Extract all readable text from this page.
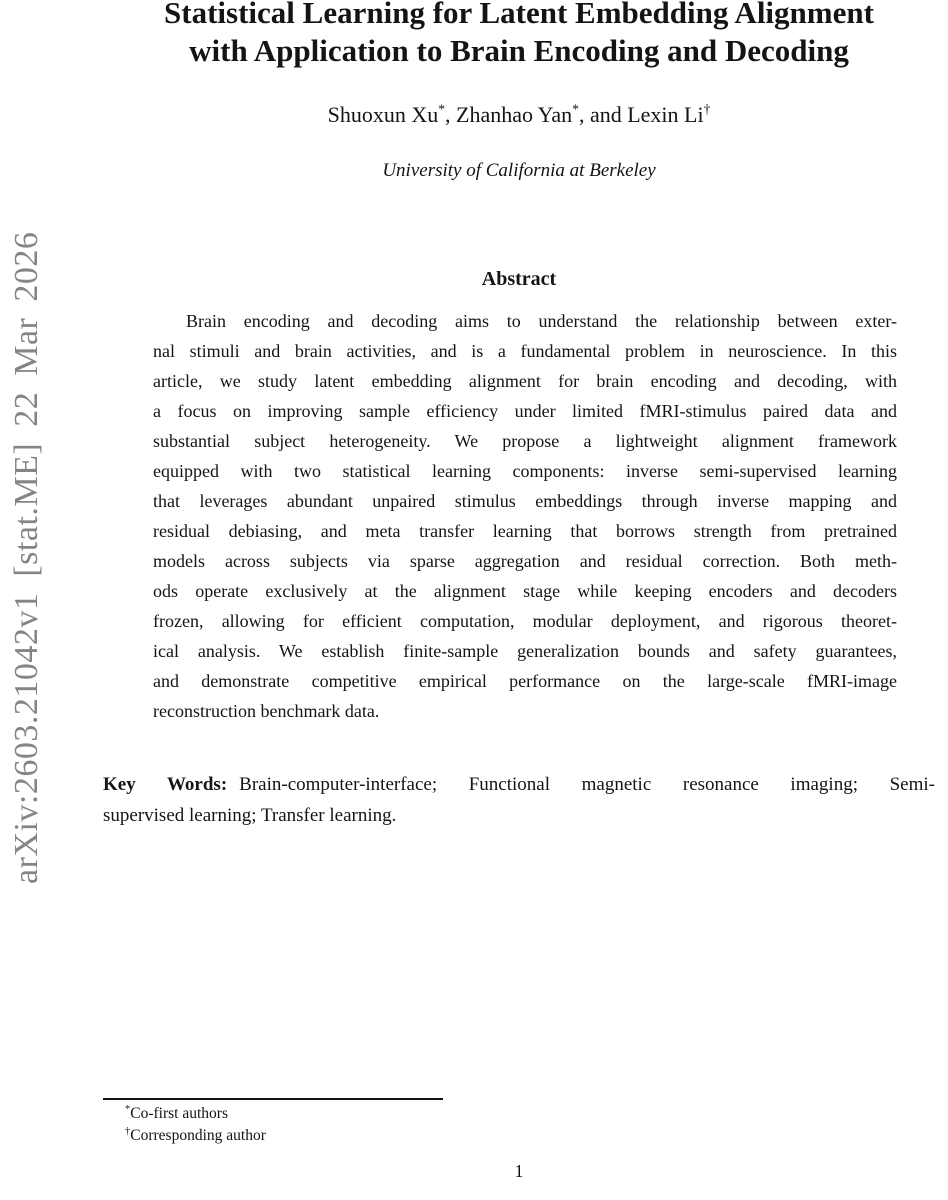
arXiv:2603.21042v1 [stat.ME] 22 Mar 2026
Statistical Learning for Latent Embedding Alignment
with Application to Brain Encoding and Decoding
Shuoxun Xu*, Zhanhao Yan*, and Lexin Li†
University of California at Berkeley
Abstract
Brain encoding and decoding aims to understand the relationship between exter-
nal stimuli and brain activities, and is a fundamental problem in neuroscience. In this
article, we study latent embedding alignment for brain encoding and decoding, with
a focus on improving sample efficiency under limited fMRI-stimulus paired data and
substantial subject heterogeneity. We propose a lightweight alignment framework
equipped with two statistical learning components: inverse semi-supervised learning
that leverages abundant unpaired stimulus embeddings through inverse mapping and
residual debiasing, and meta transfer learning that borrows strength from pretrained
models across subjects via sparse aggregation and residual correction. Both meth-
ods operate exclusively at the alignment stage while keeping encoders and decoders
frozen, allowing for efficient computation, modular deployment, and rigorous theoret-
ical analysis. We establish finite-sample generalization bounds and safety guarantees,
and demonstrate competitive empirical performance on the large-scale fMRI-image
reconstruction benchmark data.
Key Words: Brain-computer-interface; Functional magnetic resonance imaging; Semi-
supervised learning; Transfer learning.
*Co-first authors
†Corresponding author
1
